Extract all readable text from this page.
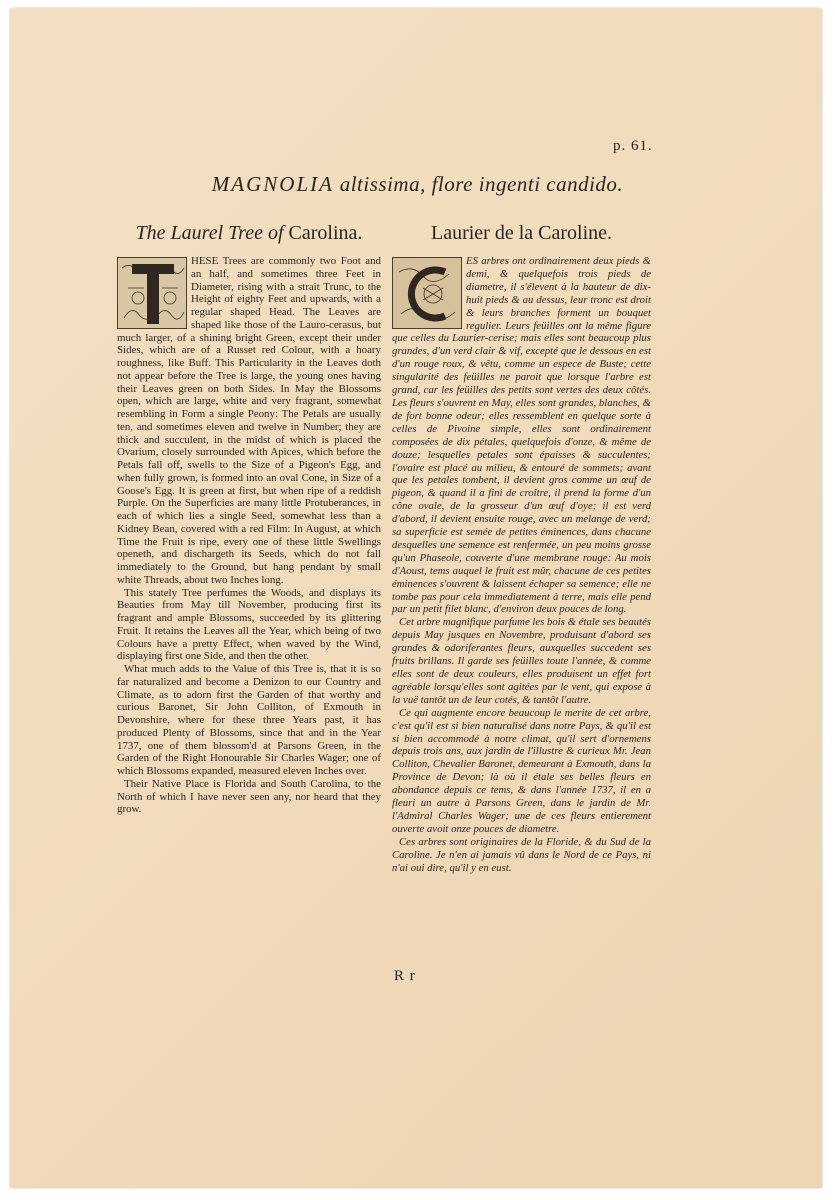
p. 61.
MAGNOLIA altissima, flore ingenti candido.
The Laurel Tree of Carolina.

HESE Trees are commonly two Foot and an half, and sometimes three Feet in Diameter, rising with a strait Trunc, to the Height of eighty Feet and upwards, with a regular shaped Head. The Leaves are shaped like those of the Lauro-cerasus, but much larger, of a shining bright Green, except their under Sides, which are of a Russet red Colour, with a hoary roughness, like Buff. This Particularity in the Leaves doth not appear before the Tree is large, the young ones having their Leaves green on both Sides. In May the Blossoms open, which are large, white and very fragrant, somewhat resembling in Form a single Peony: The Petals are usually ten, and sometimes eleven and twelve in Number; they are thick and succulent, in the midst of which is placed the Ovarium, closely surrounded with Apices, which before the Petals fall off, swells to the Size of a Pigeon's Egg, and when fully grown, is formed into an oval Cone, in Size of a Goose's Egg. It is green at first, but when ripe of a reddish Purple. On the Superficies are many little Protuberances, in each of which lies a single Seed, somewhat less than a Kidney Bean, covered with a red Film: In August, at which Time the Fruit is ripe, every one of these little Swellings openeth, and dischargeth its Seeds, which do not fall immediately to the Ground, but hang pendant by small white Threads, about two Inches long.

This stately Tree perfumes the Woods, and displays its Beauties from May till November, producing first its fragrant and ample Blossoms, succeeded by its glittering Fruit. It retains the Leaves all the Year, which being of two Colours have a pretty Effect, when waved by the Wind, displaying first one Side, and then the other.

What much adds to the Value of this Tree is, that it is so far naturalized and become a Denizon to our Country and Climate, as to adorn first the Garden of that worthy and curious Baronet, Sir John Colliton, of Exmouth in Devonshire, where for these three Years past, it has produced Plenty of Blossoms, since that and in the Year 1737, one of them blossom'd at Parsons Green, in the Garden of the Right Honourable Sir Charles Wager; one of which Blossoms expanded, measured eleven Inches over.

Their Native Place is Florida and South Carolina, to the North of which I have never seen any, nor heard that they grow.

Laurier de la Caroline.

ES arbres ont ordinairement deux pieds & demi, & quelquefois trois pieds de diametre, il s'élevent à la hauteur de dix-huit pieds & au dessus, leur tronc est droit & leurs branches forment un bouquet regulier. Leurs feüilles ont la même figure que celles du Laurier-cerise; mais elles sont beaucoup plus grandes, d'un verd clair & vif, excepté que le dessous en est d'un rouge roux, & vêtu, comme un espece de Buste; cette singularité des feüilles ne paroit que lorsque l'arbre est grand, car les feüilles des petits sont vertes des deux côtés. Les fleurs s'ouvrent en May, elles sont grandes, blanches, & de fort bonne odeur; elles ressemblent en quelque sorte à celles de Pivoine simple, elles sont ordinairement composées de dix pétales, quelquefois d'onze, & même de douze; lesquelles petales sont épaisses & succulentes; l'ovaire est placé au milieu, & entouré de sommets; avant que les petales tombent, il devient gros comme un œuf de pigeon, & quand il a fini de croître, il prend la forme d'un cône ovale, de la grosseur d'un œuf d'oye; il est verd d'abord, il devient ensuite rouge, avec un melange de verd; sa superficie est semée de petites éminences, dans chacune desquelles une semence est renfermée, un peu moins grosse qu'un Phaseole, couverte d'une membrane rouge: Au mois d'Aoust, tems auquel le fruit est mûr, chacune de ces petites éminences s'ouvrent & laissent échaper sa semence; elle ne tombe pas pour cela immediatement à terre, mais elle pend par un petit filet blanc, d'environ deux pouces de long.

Cet arbre magnifique parfume les bois & étale ses beautés depuis May jusques en Novembre, produisant d'abord ses grandes & odoriferantes fleurs, auxquelles succedent ses fruits brillans. Il garde ses feüilles toute l'année, & comme elles sont de deux couleurs, elles produisent un effet fort agréable lorsqu'elles sont agitées par le vent, qui expose à la vuë tantôt un de leur cotés, & tantôt l'autre.

Ce qui augmente encore beaucoup le merite de cet arbre, c'est qu'il est si bien naturalisé dans notre Pays, & qu'il est si bien accommodé à notre climat, qu'il sert d'ornemens depuis trois ans, aux jardin de l'illustre & curieux Mr. Jean Colliton, Chevalier Baronet, demeurant à Exmouth, dans la Province de Devon; là où il étale ses belles fleurs en abondance depuis ce tems, & dans l'année 1737, il en a fleuri un autre à Parsons Green, dans le jardin de Mr. l'Admiral Charles Wager; une de ces fleurs entierement ouverte avoit onze pouces de diametre.

Ces arbres sont originaires de la Floride, & du Sud de la Caroline. Je n'en ai jamais vû dans le Nord de ce Pays, ni n'ai oui dire, qu'il y en eust.

R r
